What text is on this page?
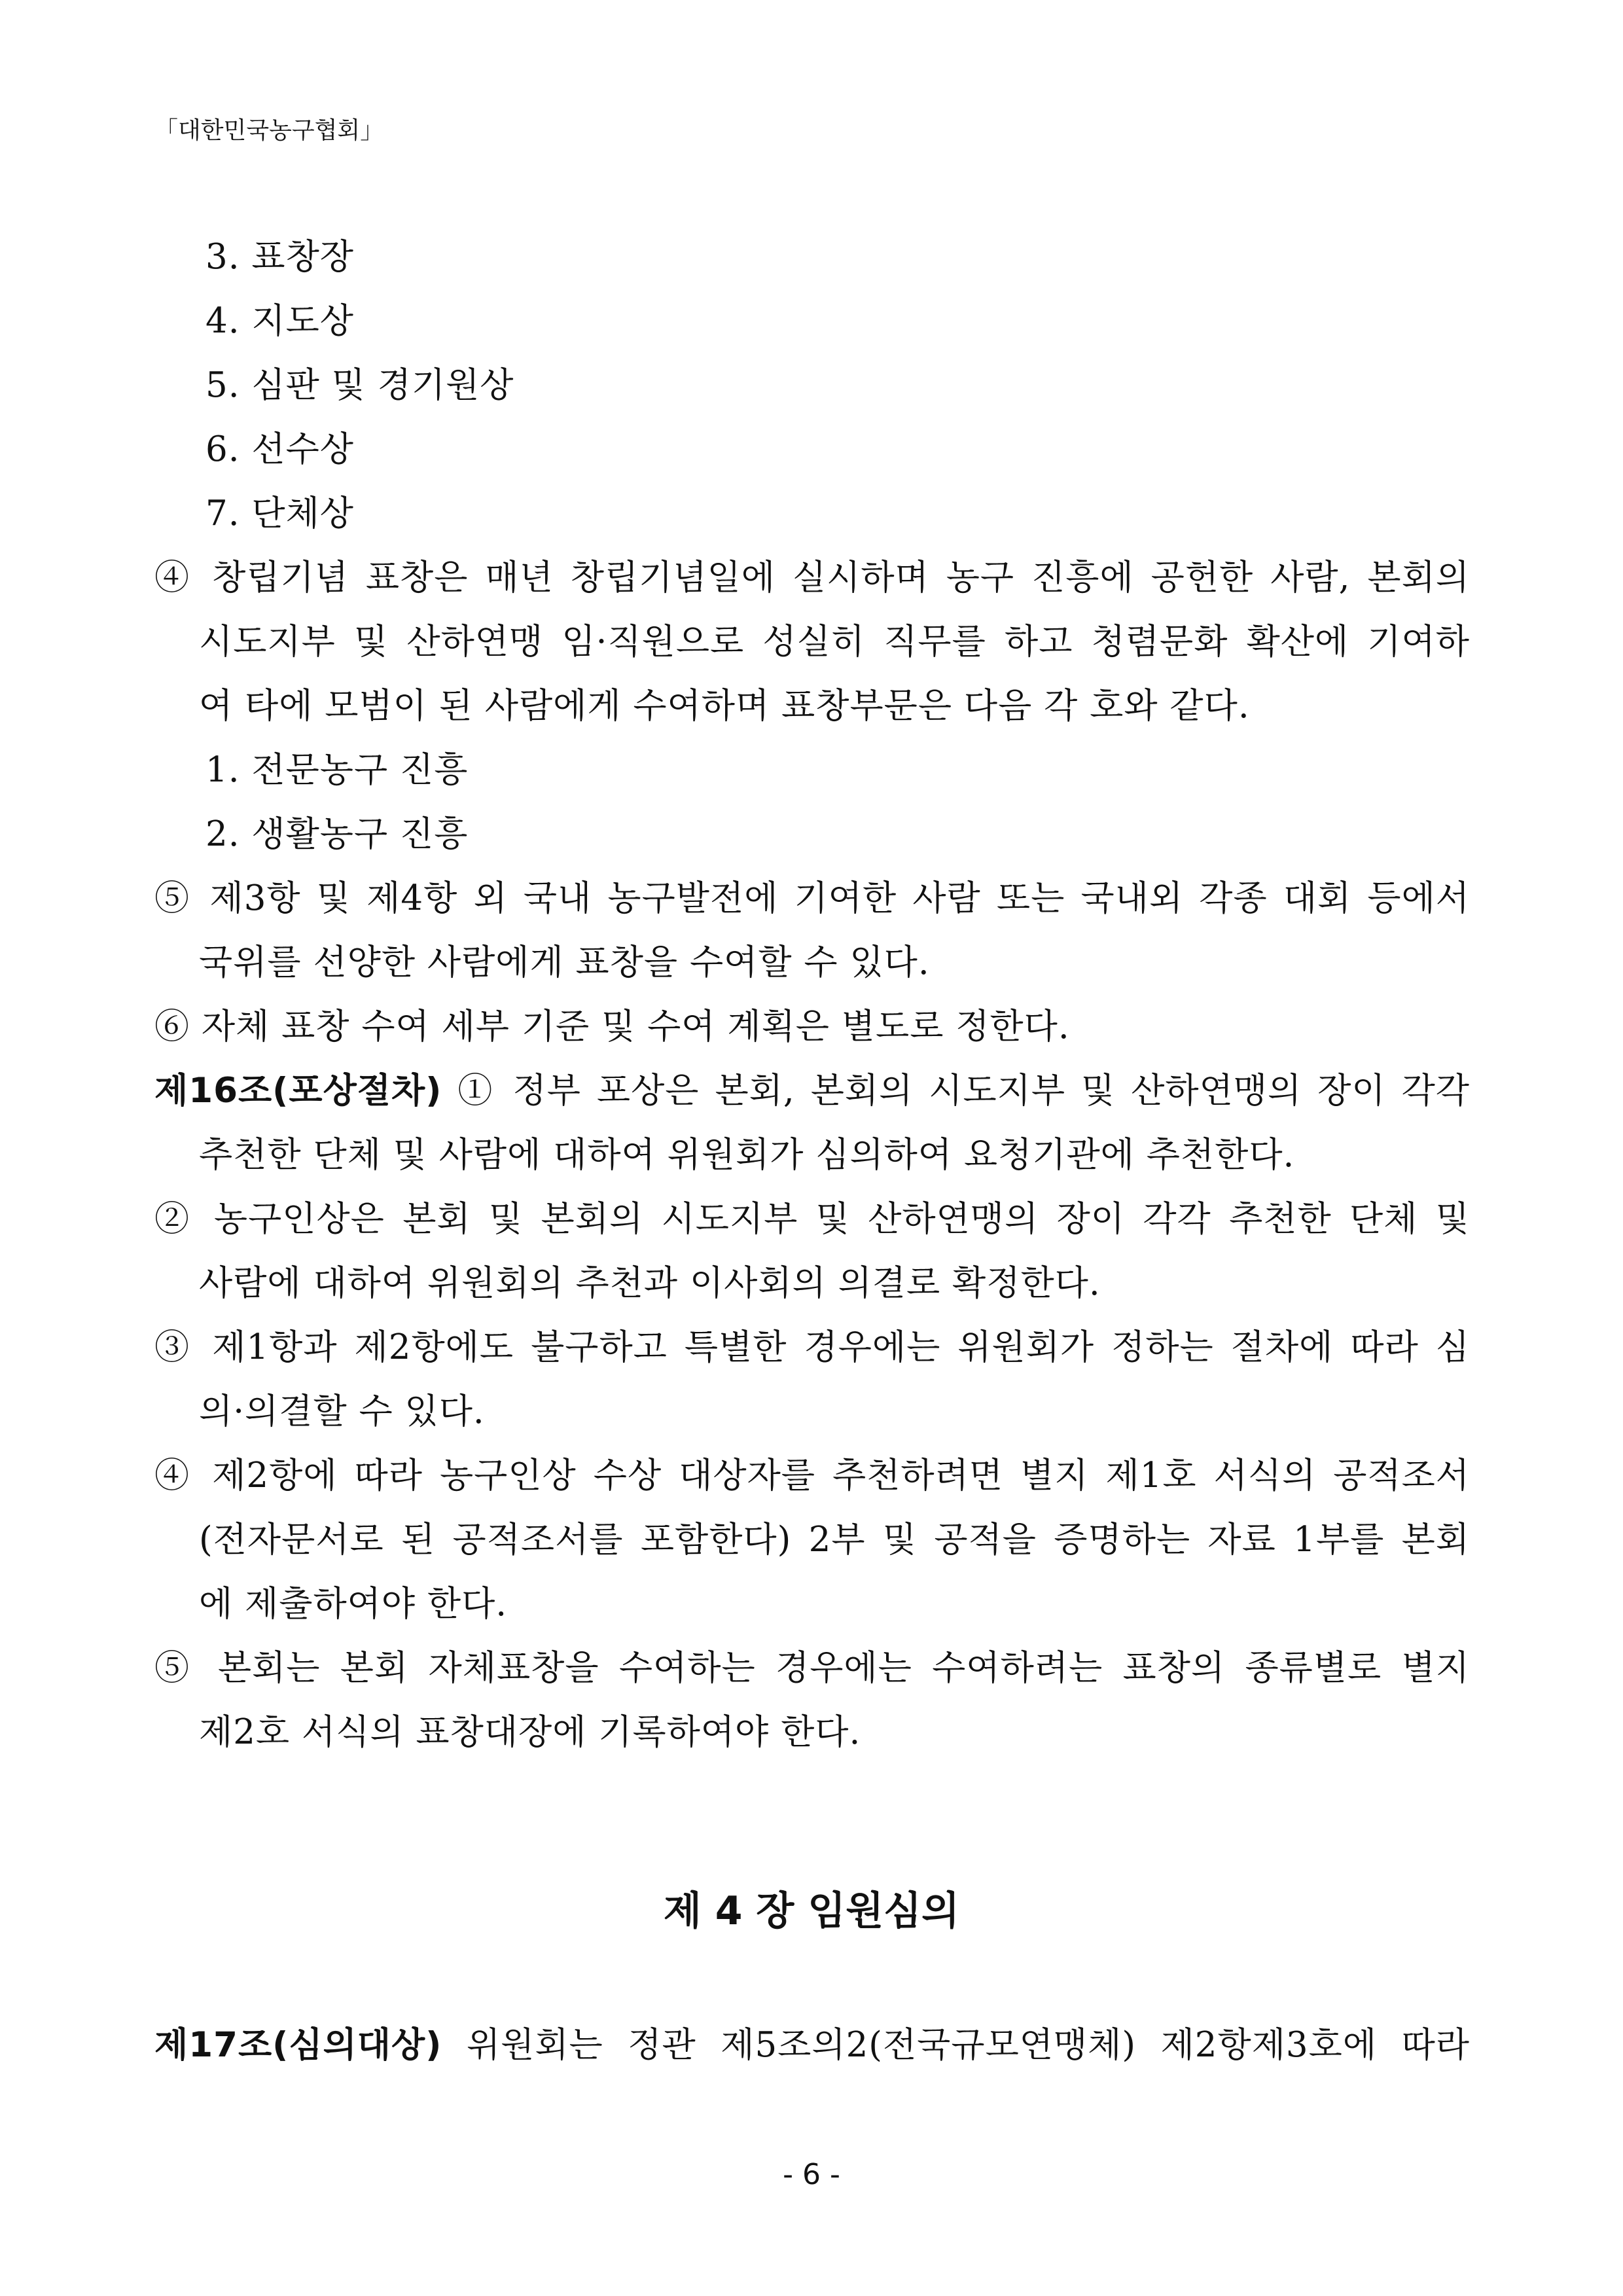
「대한민국농구협회」
3. 표창장
4. 지도상
5. 심판 및 경기원상
6. 선수상
7. 단체상
④ 창립기념 표창은 매년 창립기념일에 실시하며 농구 진흥에 공헌한 사람, 본회의
시도지부 및 산하연맹 임·직원으로 성실히 직무를 하고 청렴문화 확산에 기여하
여 타에 모범이 된 사람에게 수여하며 표창부문은 다음 각 호와 같다.
1. 전문농구 진흥
2. 생활농구 진흥
⑤ 제3항 및 제4항 외 국내 농구발전에 기여한 사람 또는 국내외 각종 대회 등에서
국위를 선양한 사람에게 표창을 수여할 수 있다.
⑥ 자체 표창 수여 세부 기준 및 수여 계획은 별도로 정한다.
제16조(포상절차) ① 정부 포상은 본회, 본회의 시도지부 및 산하연맹의 장이 각각
추천한 단체 및 사람에 대하여 위원회가 심의하여 요청기관에 추천한다.
② 농구인상은 본회 및 본회의 시도지부 및 산하연맹의 장이 각각 추천한 단체 및
사람에 대하여 위원회의 추천과 이사회의 의결로 확정한다.
③ 제1항과 제2항에도 불구하고 특별한 경우에는 위원회가 정하는 절차에 따라 심
의·의결할 수 있다.
④ 제2항에 따라 농구인상 수상 대상자를 추천하려면 별지 제1호 서식의 공적조서
(전자문서로 된 공적조서를 포함한다) 2부 및 공적을 증명하는 자료 1부를 본회
에 제출하여야 한다.
⑤ 본회는 본회 자체표창을 수여하는 경우에는 수여하려는 표창의 종류별로 별지
제2호 서식의 표창대장에 기록하여야 한다.
제 4 장 임원심의
제17조(심의대상) 위원회는 정관 제5조의2(전국규모연맹체) 제2항제3호에 따라
- 6 -
